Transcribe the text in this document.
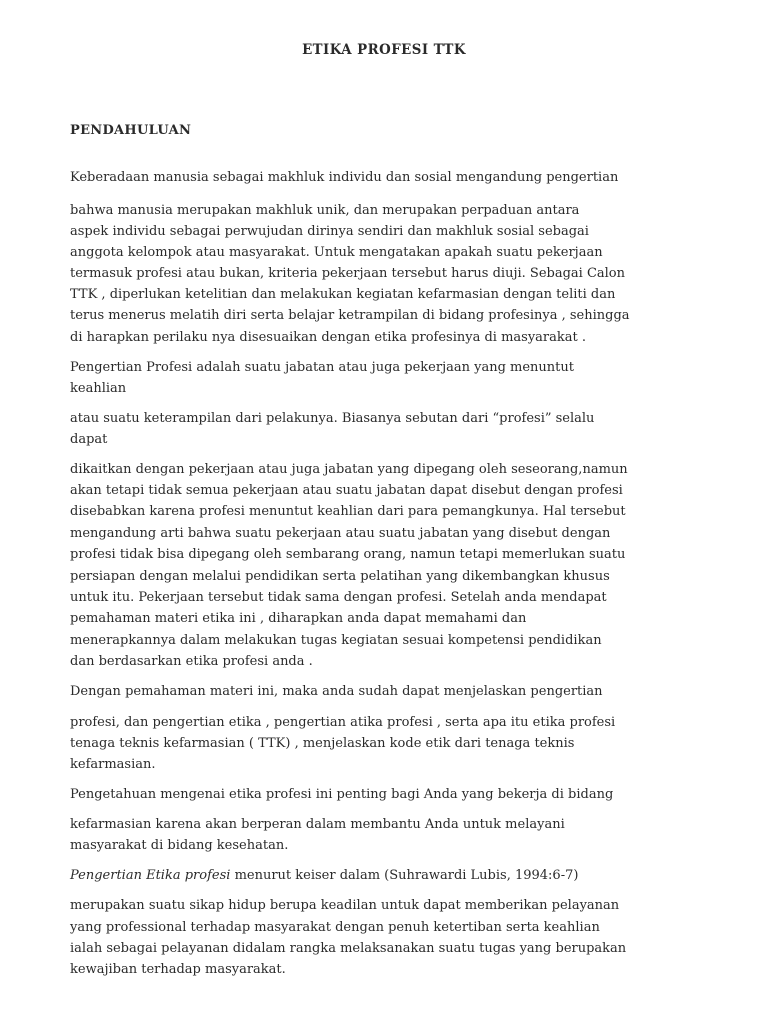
ETIKA PROFESI TTK
PENDAHULUAN
Keberadaan manusia sebagai makhluk individu dan sosial mengandung pengertian
bahwa manusia merupakan makhluk unik, dan merupakan perpaduan antara
aspek individu sebagai perwujudan dirinya sendiri dan makhluk sosial sebagai
anggota kelompok atau masyarakat. Untuk mengatakan apakah suatu pekerjaan
termasuk profesi atau bukan, kriteria pekerjaan tersebut harus diuji. Sebagai Calon
TTK , diperlukan ketelitian dan melakukan kegiatan kefarmasian dengan teliti dan
terus menerus melatih diri serta belajar ketrampilan di bidang profesinya , sehingga
di harapkan perilaku nya disesuaikan dengan etika profesinya di masyarakat .
Pengertian Profesi adalah suatu jabatan atau juga pekerjaan yang menuntut
keahlian
atau suatu keterampilan dari pelakunya. Biasanya sebutan dari “profesi” selalu
dapat
dikaitkan dengan pekerjaan atau juga jabatan yang dipegang oleh seseorang,namun
akan tetapi tidak semua pekerjaan atau suatu jabatan dapat disebut dengan profesi
disebabkan karena profesi menuntut keahlian dari para pemangkunya. Hal tersebut
mengandung arti bahwa suatu pekerjaan atau suatu jabatan yang disebut dengan
profesi tidak bisa dipegang oleh sembarang orang, namun tetapi memerlukan suatu
persiapan dengan melalui pendidikan serta pelatihan yang dikembangkan khusus
untuk itu. Pekerjaan tersebut tidak sama dengan profesi. Setelah anda mendapat
pemahaman materi etika ini , diharapkan anda dapat memahami dan
menerapkannya dalam melakukan tugas kegiatan sesuai kompetensi pendidikan
dan berdasarkan etika profesi anda .
Dengan pemahaman materi ini, maka anda sudah dapat menjelaskan pengertian
profesi, dan pengertian etika , pengertian atika profesi , serta apa itu etika profesi
tenaga teknis kefarmasian ( TTK) , menjelaskan kode etik dari tenaga teknis
kefarmasian.
Pengetahuan mengenai etika profesi ini penting bagi Anda yang bekerja di bidang
kefarmasian karena akan berperan dalam membantu Anda untuk melayani
masyarakat di bidang kesehatan.
Pengertian Etika profesi menurut keiser dalam (Suhrawardi Lubis, 1994:6-7)
merupakan suatu sikap hidup berupa keadilan untuk dapat memberikan pelayanan
yang professional terhadap masyarakat dengan penuh ketertiban serta keahlian
ialah sebagai pelayanan didalam rangka melaksanakan suatu tugas yang berupakan
kewajiban terhadap masyarakat.
